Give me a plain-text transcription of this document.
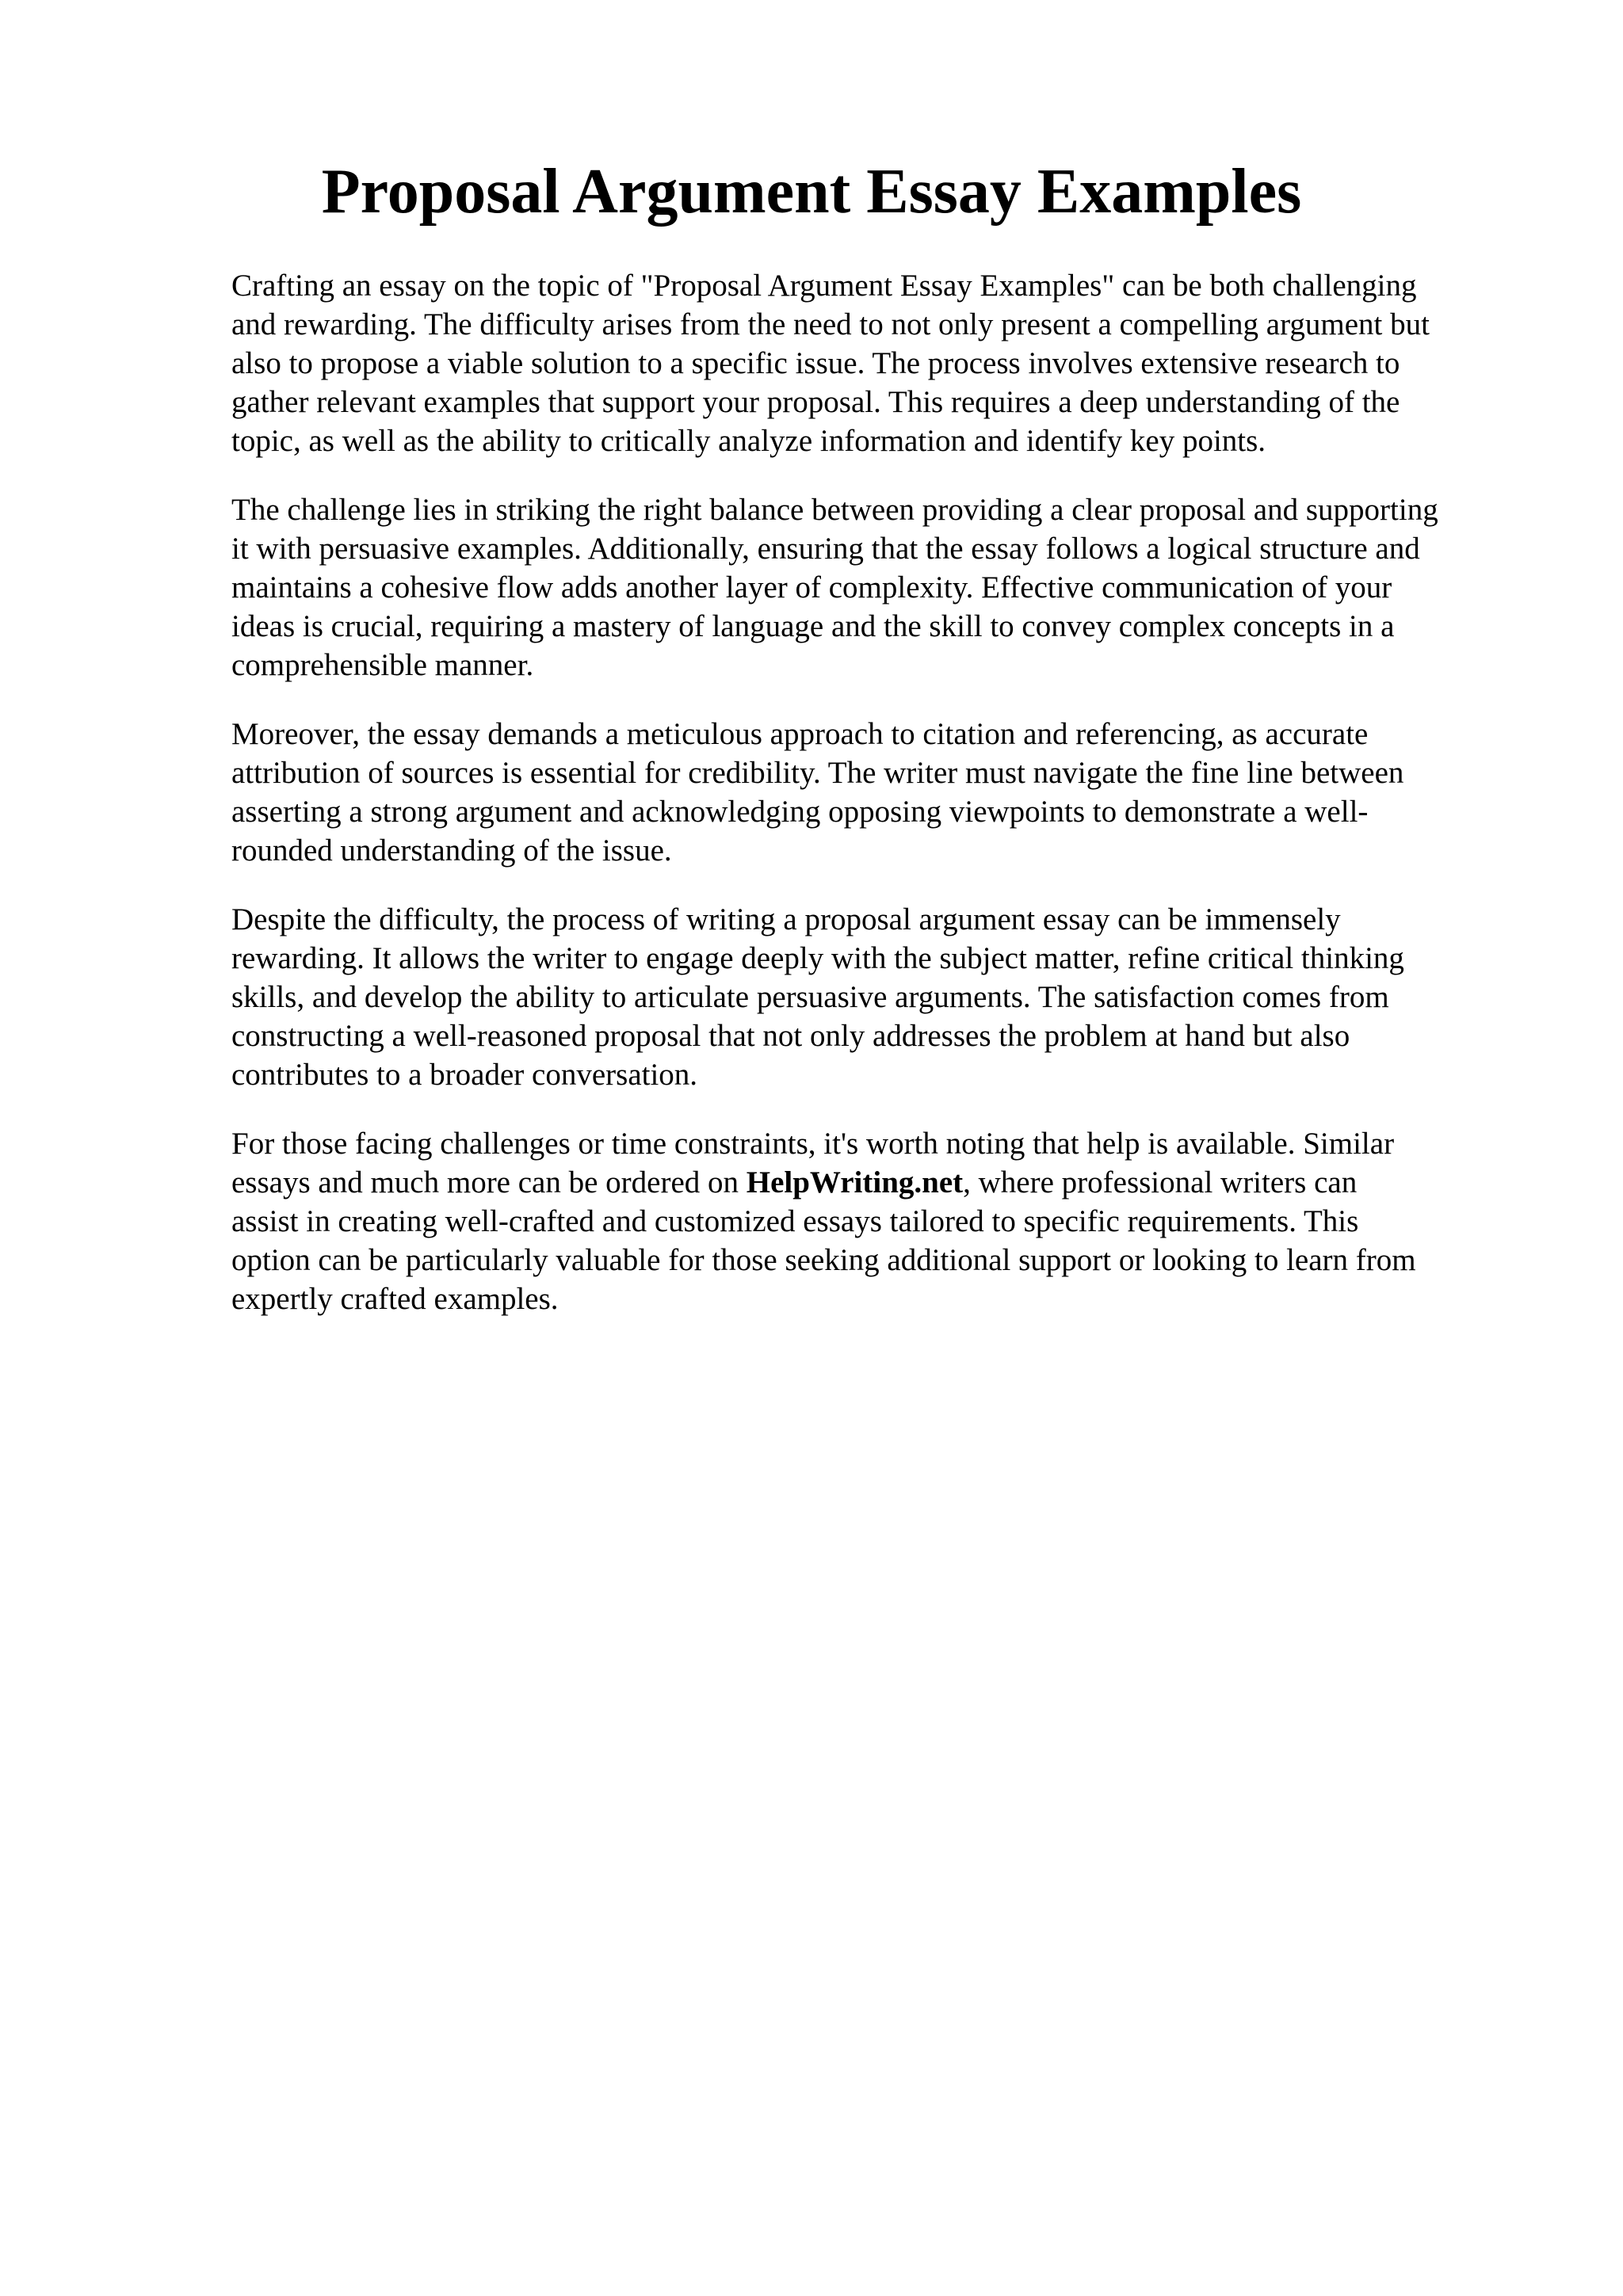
Proposal Argument Essay Examples

Crafting an essay on the topic of "Proposal Argument Essay Examples" can be both challenging
and rewarding. The difficulty arises from the need to not only present a compelling argument but
also to propose a viable solution to a specific issue. The process involves extensive research to
gather relevant examples that support your proposal. This requires a deep understanding of the
topic, as well as the ability to critically analyze information and identify key points.

The challenge lies in striking the right balance between providing a clear proposal and supporting
it with persuasive examples. Additionally, ensuring that the essay follows a logical structure and
maintains a cohesive flow adds another layer of complexity. Effective communication of your
ideas is crucial, requiring a mastery of language and the skill to convey complex concepts in a
comprehensible manner.

Moreover, the essay demands a meticulous approach to citation and referencing, as accurate
attribution of sources is essential for credibility. The writer must navigate the fine line between
asserting a strong argument and acknowledging opposing viewpoints to demonstrate a well-
rounded understanding of the issue.

Despite the difficulty, the process of writing a proposal argument essay can be immensely
rewarding. It allows the writer to engage deeply with the subject matter, refine critical thinking
skills, and develop the ability to articulate persuasive arguments. The satisfaction comes from
constructing a well-reasoned proposal that not only addresses the problem at hand but also
contributes to a broader conversation.

For those facing challenges or time constraints, it's worth noting that help is available. Similar
essays and much more can be ordered on HelpWriting.net, where professional writers can
assist in creating well-crafted and customized essays tailored to specific requirements. This
option can be particularly valuable for those seeking additional support or looking to learn from
expertly crafted examples.
